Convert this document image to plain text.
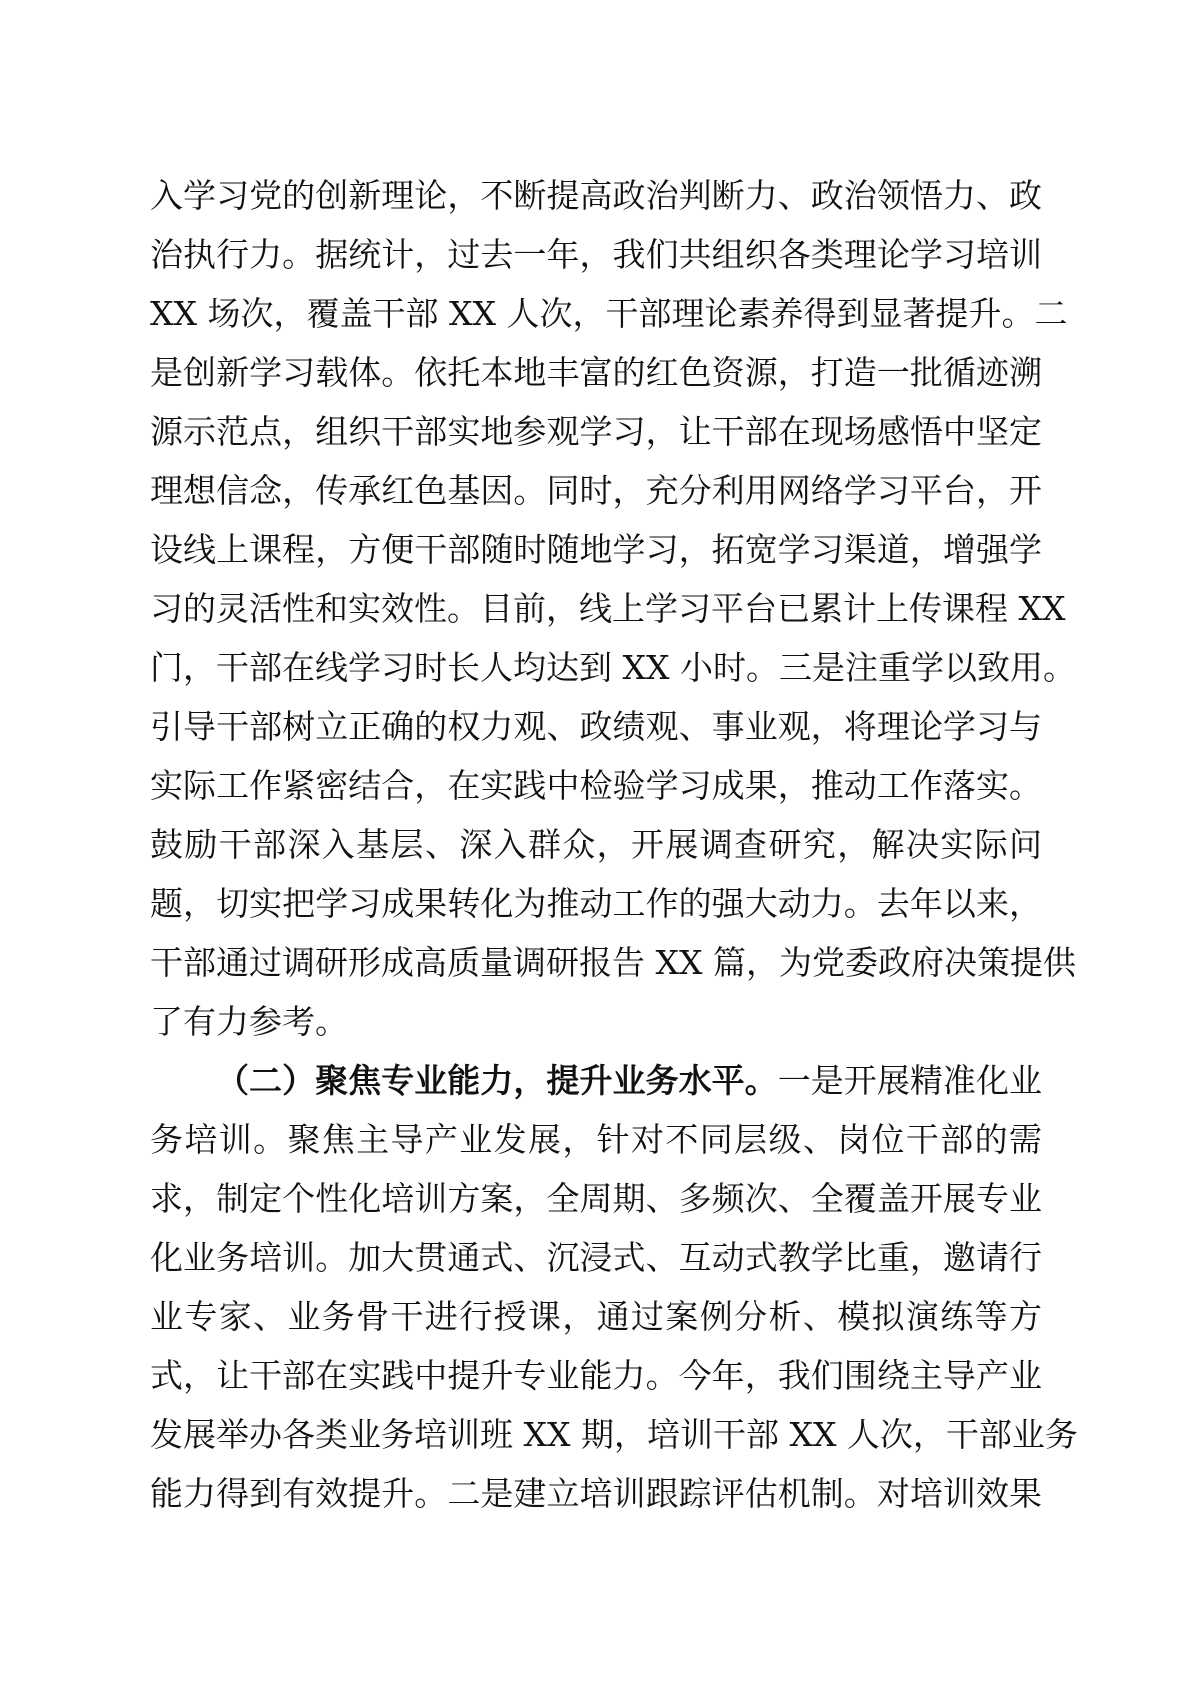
入学习党的创新理论，不断提高政治判断力、政治领悟力、政
治执行力。据统计，过去一年，我们共组织各类理论学习培训
XX 场次，覆盖干部 XX 人次，干部理论素养得到显著提升。二
是创新学习载体。依托本地丰富的红色资源，打造一批循迹溯
源示范点，组织干部实地参观学习，让干部在现场感悟中坚定
理想信念，传承红色基因。同时，充分利用网络学习平台，开
设线上课程，方便干部随时随地学习，拓宽学习渠道，增强学
习的灵活性和实效性。目前，线上学习平台已累计上传课程 XX
门，干部在线学习时长人均达到 XX 小时。三是注重学以致用。
引导干部树立正确的权力观、政绩观、事业观，将理论学习与
实际工作紧密结合，在实践中检验学习成果，推动工作落实。
鼓励干部深入基层、深入群众，开展调查研究，解决实际问
题，切实把学习成果转化为推动工作的强大动力。去年以来，
干部通过调研形成高质量调研报告 XX 篇，为党委政府决策提供
了有力参考。
（二）聚焦专业能力，提升业务水平。一是开展精准化业
务培训。聚焦主导产业发展，针对不同层级、岗位干部的需
求，制定个性化培训方案，全周期、多频次、全覆盖开展专业
化业务培训。加大贯通式、沉浸式、互动式教学比重，邀请行
业专家、业务骨干进行授课，通过案例分析、模拟演练等方
式，让干部在实践中提升专业能力。今年，我们围绕主导产业
发展举办各类业务培训班 XX 期，培训干部 XX 人次，干部业务
能力得到有效提升。二是建立培训跟踪评估机制。对培训效果
